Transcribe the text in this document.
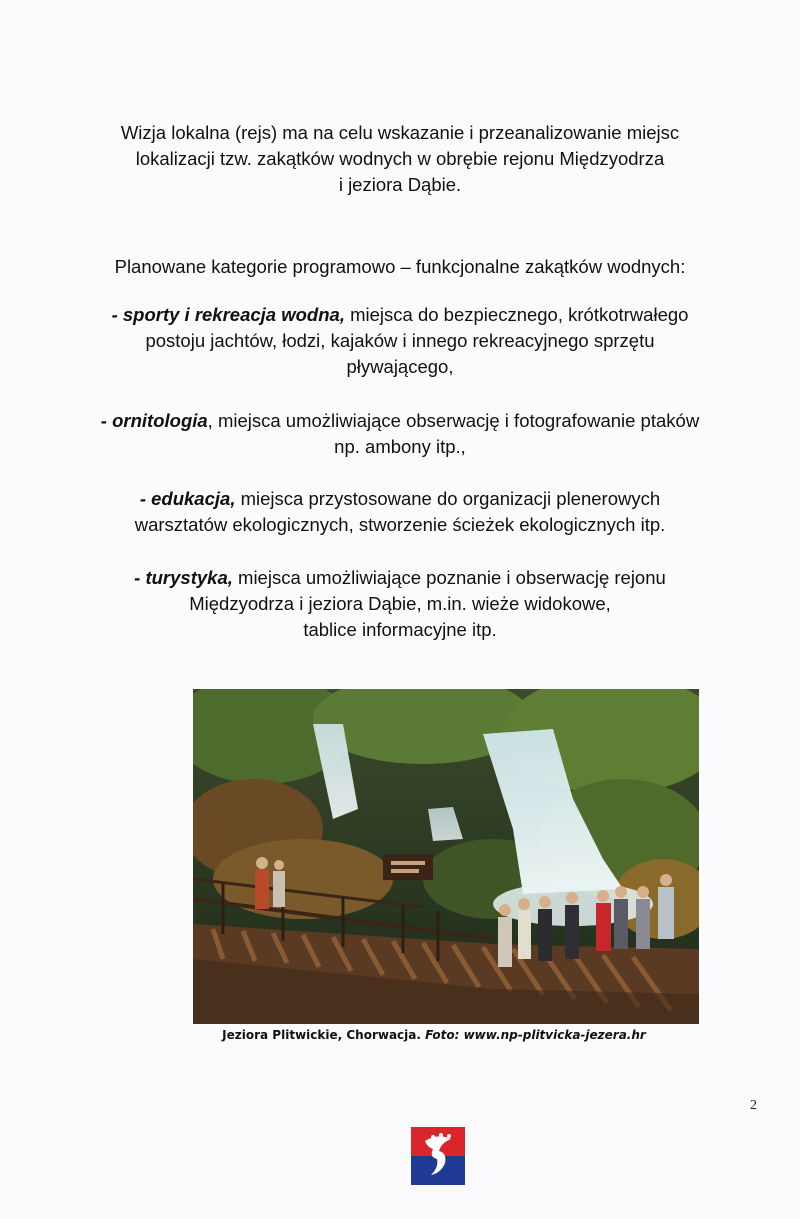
Wizja lokalna (rejs) ma na celu wskazanie i przeanalizowanie miejsc
lokalizacji tzw. zakątków wodnych w obrębie rejonu Międzyodrza
i jeziora Dąbie.
Planowane kategorie programowo – funkcjonalne zakątków wodnych:
- sporty i rekreacja wodna, miejsca do bezpiecznego, krótkotrwałego
postoju jachtów, łodzi, kajaków i innego rekreacyjnego sprzętu
pływającego,
- ornitologia, miejsca umożliwiające obserwację i fotografowanie ptaków
np. ambony itp.,
- edukacja, miejsca przystosowane do organizacji plenerowych
warsztatów ekologicznych, stworzenie ścieżek ekologicznych itp.
- turystyka, miejsca umożliwiające poznanie i obserwację rejonu
Międzyodrza i jeziora Dąbie, m.in. wieże widokowe,
tablice informacyjne itp.
Jeziora Plitwickie, Chorwacja. Foto: www.np-plitvicka-jezera.hr
2
